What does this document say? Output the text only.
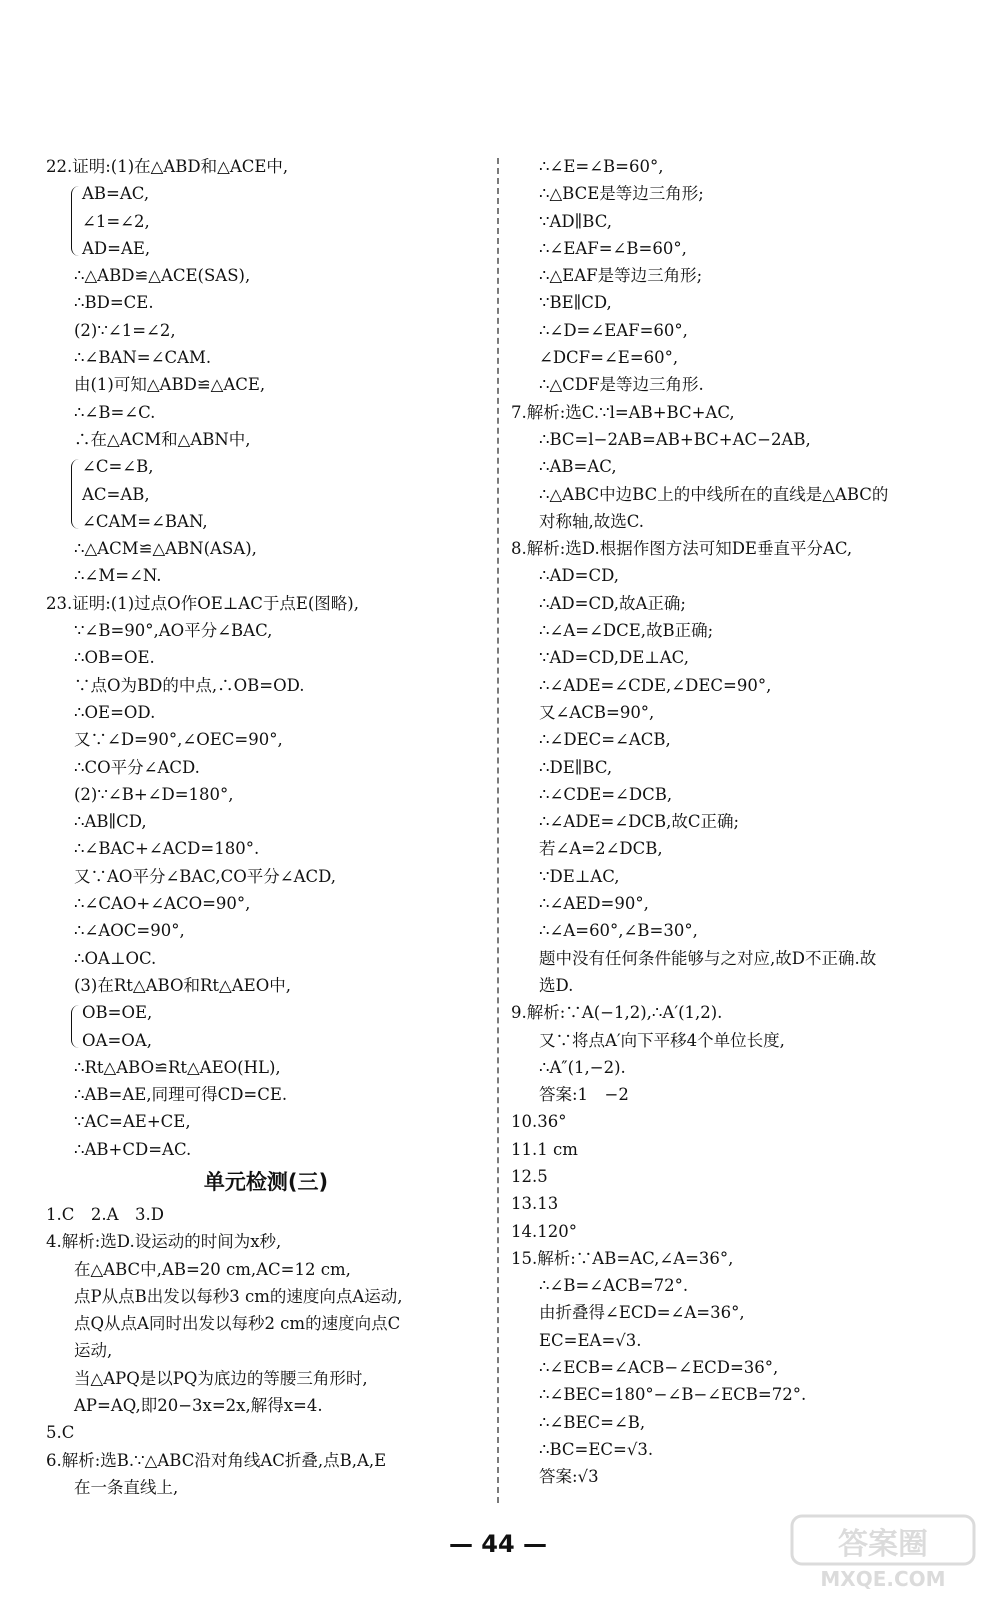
22.证明:(1)在△ABD和△ACE中,
AB=AC,
∠1=∠2,
AD=AE,
∴△ABD≌△ACE(SAS),
∴BD=CE.
(2)∵∠1=∠2,
∴∠BAN=∠CAM.
由(1)可知△ABD≌△ACE,
∴∠B=∠C.
∴在△ACM和△ABN中,
∠C=∠B,
AC=AB,
∠CAM=∠BAN,
∴△ACM≌△ABN(ASA),
∴∠M=∠N.
23.证明:(1)过点O作OE⊥AC于点E(图略),
∵∠B=90°,AO平分∠BAC,
∴OB=OE.
∵点O为BD的中点,∴OB=OD.
∴OE=OD.
又∵∠D=90°,∠OEC=90°,
∴CO平分∠ACD.
(2)∵∠B+∠D=180°,
∴AB∥CD,
∴∠BAC+∠ACD=180°.
又∵AO平分∠BAC,CO平分∠ACD,
∴∠CAO+∠ACO=90°,
∴∠AOC=90°,
∴OA⊥OC.
(3)在Rt△ABO和Rt△AEO中,
OB=OE,
OA=OA,
∴Rt△ABO≌Rt△AEO(HL),
∴AB=AE,同理可得CD=CE.
∵AC=AE+CE,
∴AB+CD=AC.
单元检测(三)
1.C　2.A　3.D
4.解析:选D.设运动的时间为x秒,
在△ABC中,AB=20 cm,AC=12 cm,
点P从点B出发以每秒3 cm的速度向点A运动,
点Q从点A同时出发以每秒2 cm的速度向点C
运动,
当△APQ是以PQ为底边的等腰三角形时,
AP=AQ,即20−3x=2x,解得x=4.
5.C
6.解析:选B.∵△ABC沿对角线AC折叠,点B,A,E
在一条直线上,
∴∠E=∠B=60°,
∴△BCE是等边三角形;
∵AD∥BC,
∴∠EAF=∠B=60°,
∴△EAF是等边三角形;
∵BE∥CD,
∴∠D=∠EAF=60°,
∠DCF=∠E=60°,
∴△CDF是等边三角形.
7.解析:选C.∵l=AB+BC+AC,
∴BC=l−2AB=AB+BC+AC−2AB,
∴AB=AC,
∴△ABC中边BC上的中线所在的直线是△ABC的
对称轴,故选C.
8.解析:选D.根据作图方法可知DE垂直平分AC,
∴AD=CD,
∴AD=CD,故A正确;
∴∠A=∠DCE,故B正确;
∵AD=CD,DE⊥AC,
∴∠ADE=∠CDE,∠DEC=90°,
又∠ACB=90°,
∴∠DEC=∠ACB,
∴DE∥BC,
∴∠CDE=∠DCB,
∴∠ADE=∠DCB,故C正确;
若∠A=2∠DCB,
∵DE⊥AC,
∴∠AED=90°,
∴∠A=60°,∠B=30°,
题中没有任何条件能够与之对应,故D不正确.故
选D.
9.解析:∵A(−1,2),∴A′(1,2).
又∵将点A′向下平移4个单位长度,
∴A″(1,−2).
答案:1　−2
10.36°
11.1 cm
12.5
13.13
14.120°
15.解析:∵AB=AC,∠A=36°,
∴∠B=∠ACB=72°.
由折叠得∠ECD=∠A=36°,
EC=EA=√3.
∴∠ECB=∠ACB−∠ECD=36°,
∴∠BEC=180°−∠B−∠ECB=72°.
∴∠BEC=∠B,
∴BC=EC=√3.
答案:√3
— 44 —	答案圈
MXQE.COM
